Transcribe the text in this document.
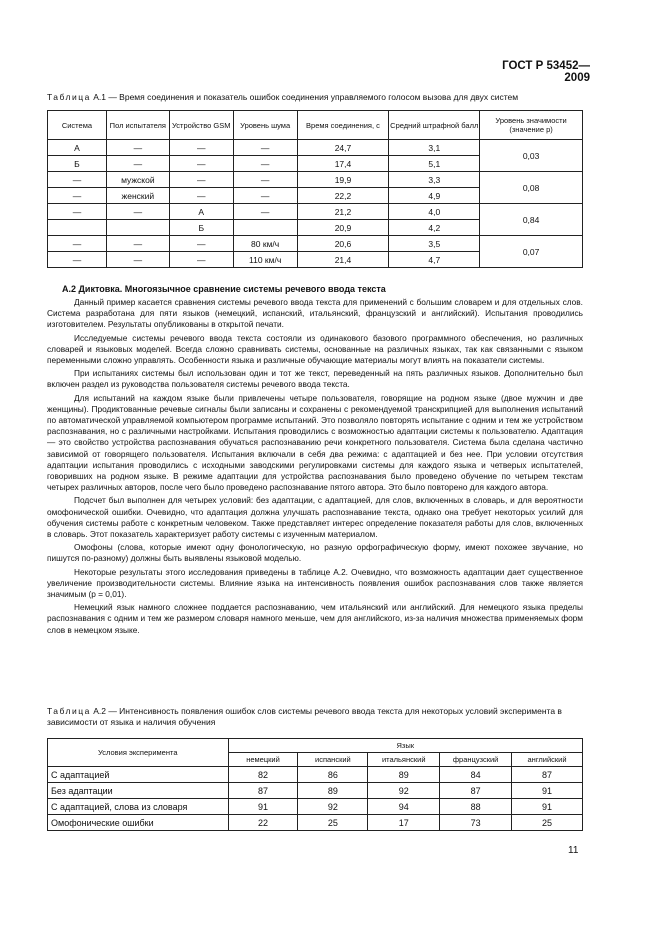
ГОСТ Р 53452—2009
Таблица А.1 — Время соединения и показатель ошибок соединения управляемого голосом вызова для двух систем
Система	Пол испытателя	Устройство GSM	Уровень шума	Время соединения, с	Средний штрафной балл	Уровень значимости (значение p)
А	—	—	—	24,7	3,1	0,03
Б	—	—	—	17,4	5,1	
—	мужской	—	—	19,9	3,3	0,08
—	женский	—	—	22,2	4,9	
—	—	А	—	21,2	4,0	0,84
		Б		20,9	4,2	
—	—	—	80 км/ч	20,6	3,5	0,07
—	—	—	110 км/ч	21,4	4,7	
А.2 Диктовка. Многоязычное сравнение системы речевого ввода текста

Данный пример касается сравнения системы речевого ввода текста для применений с большим словарем и для отдельных слов. Система разработана для пяти языков (немецкий, испанский, итальянский, французский и английский). Испытания проводились изготовителем. Результаты опубликованы в открытой печати.

Исследуемые системы речевого ввода текста состояли из одинакового базового программного обеспечения, но различных словарей и языковых моделей. Всегда сложно сравнивать системы, основанные на различных языках, так как связанными с языком переменными сложно управлять. Особенности языка и различные обучающие материалы могут влиять на показатели системы.

При испытаниях системы был использован один и тот же текст, переведенный на пять различных языков. Дополнительно был включен раздел из руководства пользователя системы речевого ввода текста.

Для испытаний на каждом языке были привлечены четыре пользователя, говорящие на родном языке (двое мужчин и две женщины). Продиктованные речевые сигналы были записаны и сохранены с рекомендуемой транскрипцией для выполнения испытаний по автоматической управляемой компьютером программе испытаний. Это позволяло повторять испытание с одним и тем же устройством распознавания, но с различными настройками. Испытания проводились с возможностью адаптации системы к пользователю. Адаптация — это свойство устройства распознавания обучаться распознаванию речи конкретного пользователя. Система была сделана частично зависимой от говорящего пользователя. Испытания включали в себя два режима: с адаптацией и без нее. При условии отсутствия адаптации испытания проводились с исходными заводскими регулировками системы для каждого языка и четверых испытателей, говоривших на родном языке. В режиме адаптации для устройства распознавания было проведено обучение по четырем текстам четырех различных авторов, после чего было проведено распознавание пятого автора. Это было повторено для каждого автора.

Подсчет был выполнен для четырех условий: без адаптации, с адаптацией, для слов, включенных в словарь, и для вероятности омофонической ошибки. Очевидно, что адаптация должна улучшать распознавание текста, однако она требует некоторых усилий для обучения системы работе с конкретным человеком. Также представляет интерес определение показателя работы для слов, включенных в словарь. Этот показатель характеризует работу системы с изученным материалом.

Омофоны (слова, которые имеют одну фонологическую, но разную орфографическую форму, имеют похожее звучание, но пишутся по-разному) должны быть выявлены языковой моделью.

Некоторые результаты этого исследования приведены в таблице А.2. Очевидно, что возможность адаптации дает существенное увеличение производительности системы. Влияние языка на интенсивность появления ошибок распознавания слов также является значимым (p = 0,01).

Немецкий язык намного сложнее поддается распознаванию, чем итальянский или английский. Для немецкого языка пределы распознавания с одним и тем же размером словаря намного меньше, чем для английского, из-за наличия множества применяемых форм слов в немецком языке.

Таблица А.2 — Интенсивность появления ошибок слов системы речевого ввода текста для некоторых условий эксперимента в зависимости от языка и наличия обучения
Условия эксперимента	Язык				
	немецкий	испанский	итальянский	французский	английский
С адаптацией	82	86	89	84	87
Без адаптации	87	89	92	87	91
С адаптацией, слова из словаря	91	92	94	88	91
Омофонические ошибки	22	25	17	73	25
11
